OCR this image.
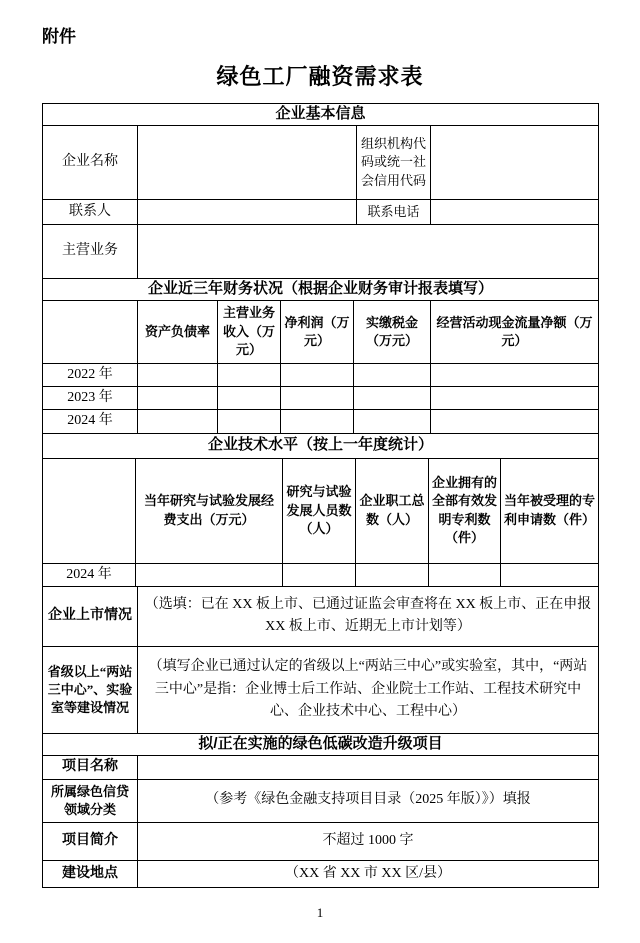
附件
绿色工厂融资需求表
企业基本信息			
企业名称		组织机构代码或统一社会信用代码	
联系人		联系电话	
主营业务			
企业近三年财务状况（根据企业财务审计报表填写）					
	资产负债率	主营业务收入（万元）	净利润（万元）	实缴税金（万元）	经营活动现金流量净额（万元）
2022 年					
2023 年					
2024 年					
企业技术水平（按上一年度统计）					
	当年研究与试验发展经费支出（万元）	研究与试验发展人员数（人）	企业职工总数（人）	企业拥有的全部有效发明专利数（件）	当年被受理的专利申请数（件）
2024 年					
企业上市情况	（选填：已在 XX 板上市、已通过证监会审查将在 XX 板上市、正在申报 XX 板上市、近期无上市计划等）
省级以上“两站三中心”、实验室等建设情况	（填写企业已通过认定的省级以上“两站三中心”或实验室，其中，“两站三中心”是指：企业博士后工作站、企业院士工作站、工程技术研究中心、企业技术中心、工程中心）
拟/正在实施的绿色低碳改造升级项目	
项目名称	
所属绿色信贷领域分类	（参考《绿色金融支持项目目录（2025 年版）》）填报
项目简介	不超过 1000 字
建设地点	（XX 省 XX 市 XX 区/县）
1
